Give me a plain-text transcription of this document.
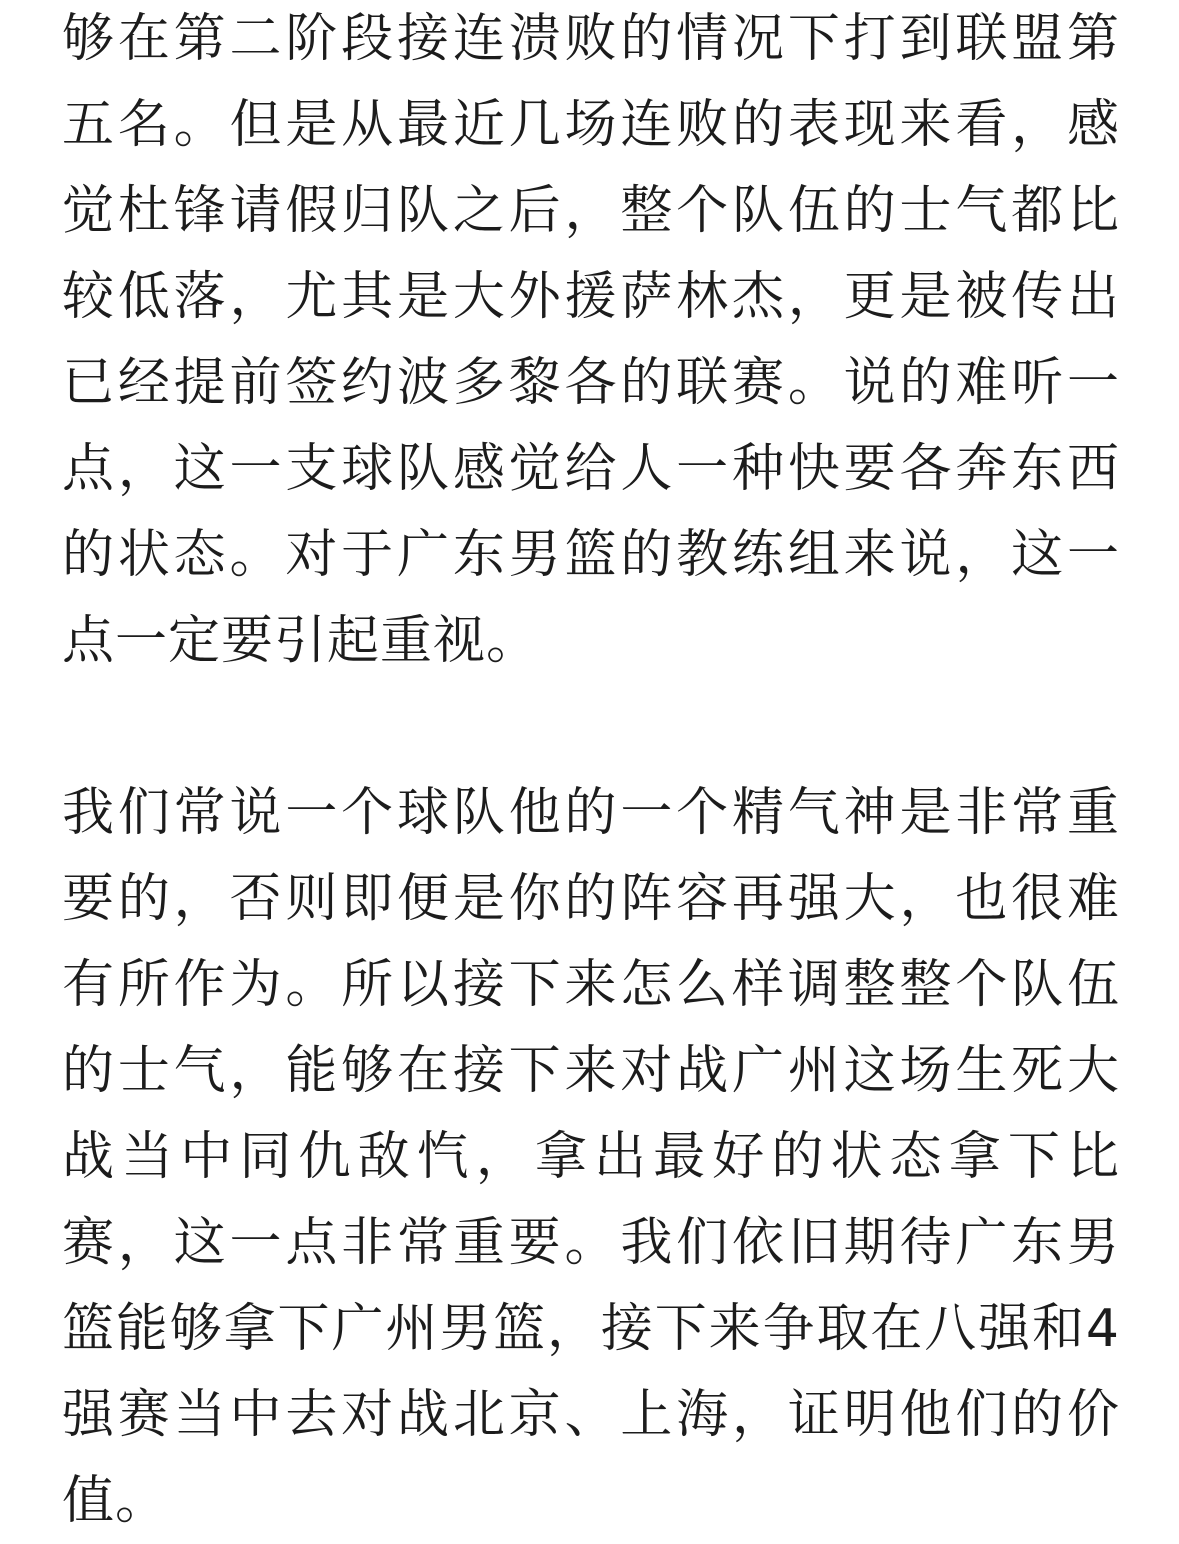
够在第二阶段接连溃败的情况下打到联盟第五名。但是从最近几场连败的表现来看，感觉杜锋请假归队之后，整个队伍的士气都比较低落，尤其是大外援萨林杰，更是被传出已经提前签约波多黎各的联赛。说的难听一点，这一支球队感觉给人一种快要各奔东西的状态。对于广东男篮的教练组来说，这一点一定要引起重视。

我们常说一个球队他的一个精气神是非常重要的，否则即便是你的阵容再强大，也很难有所作为。所以接下来怎么样调整整个队伍的士气，能够在接下来对战广州这场生死大战当中同仇敌忾，拿出最好的状态拿下比赛，这一点非常重要。我们依旧期待广东男篮能够拿下广州男篮，接下来争取在八强和4强赛当中去对战北京、上海，证明他们的价值。
